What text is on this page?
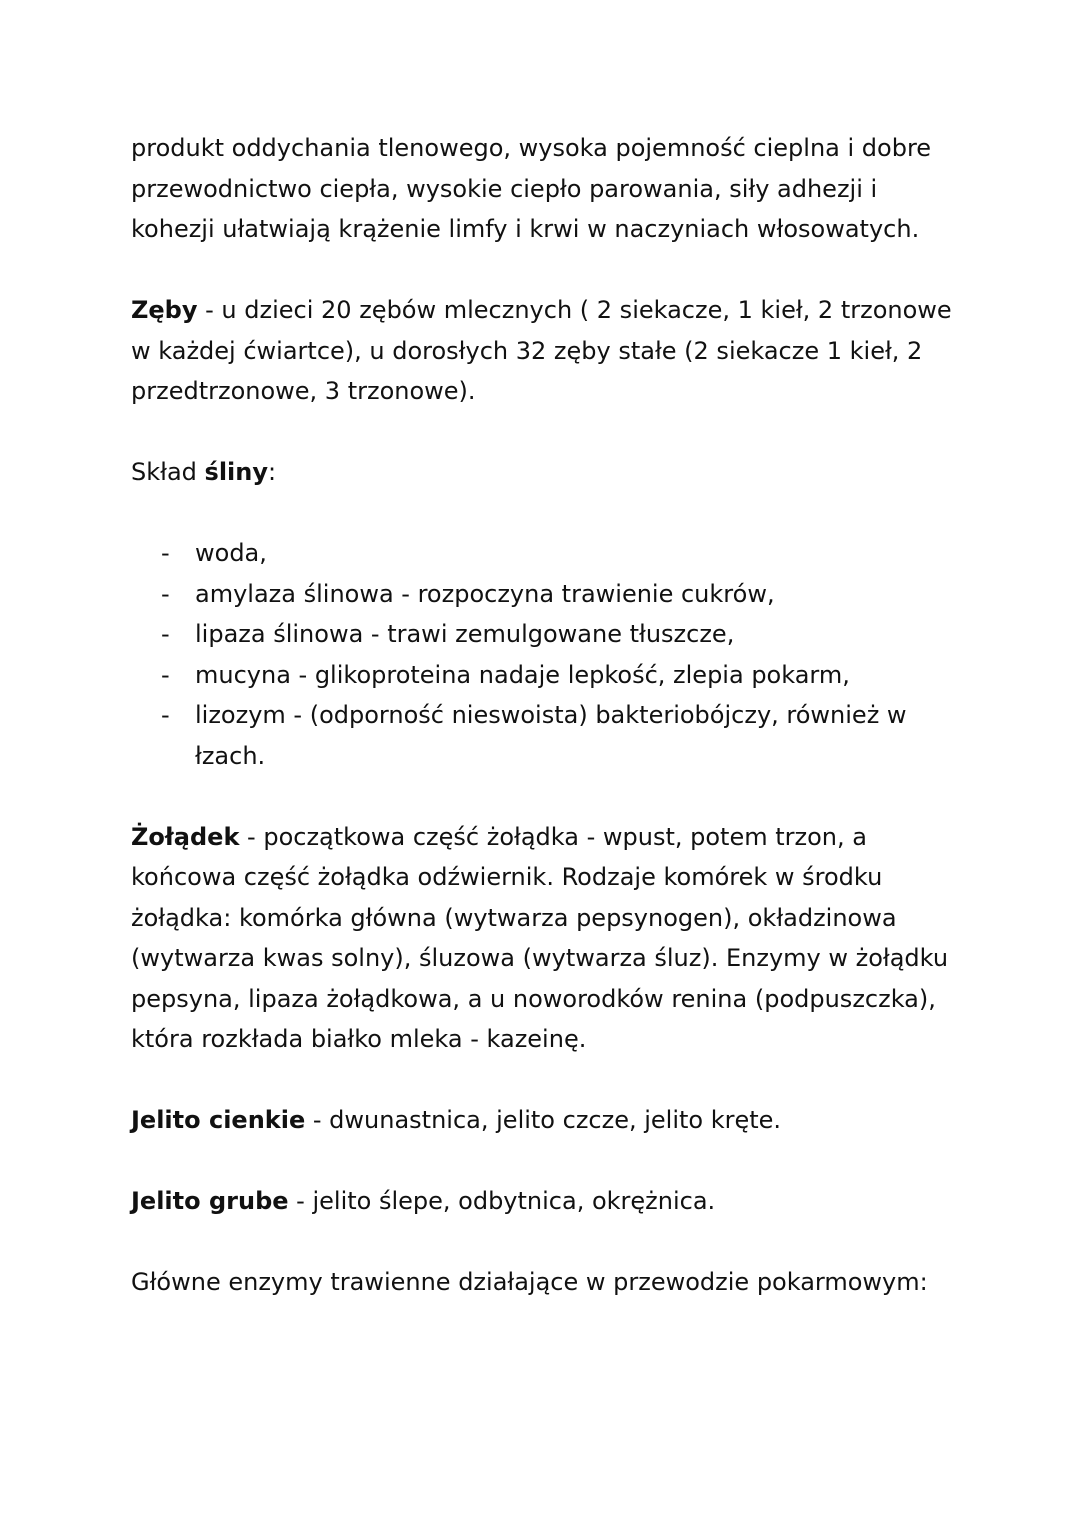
produkt oddychania tlenowego, wysoka pojemność cieplna i dobre przewodnictwo ciepła, wysokie ciepło parowania, siły adhezji i kohezji ułatwiają krążenie limfy i krwi w naczyniach włosowatych.

Zęby - u dzieci 20 zębów mlecznych ( 2 siekacze, 1 kieł, 2 trzonowe w każdej ćwiartce), u dorosłych 32 zęby stałe (2 siekacze 1 kieł, 2 przedtrzonowe, 3 trzonowe).

Skład śliny:

- woda,
- amylaza ślinowa - rozpoczyna trawienie cukrów,
- lipaza ślinowa - trawi zemulgowane tłuszcze,
- mucyna - glikoproteina nadaje lepkość, zlepia pokarm,
- lizozym - (odporność nieswoista) bakteriobójczy, również w łzach.

Żołądek - początkowa część żołądka - wpust, potem trzon, a końcowa część żołądka odźwiernik. Rodzaje komórek w środku żołądka: komórka główna (wytwarza pepsynogen), okładzinowa (wytwarza kwas solny), śluzowa (wytwarza śluz). Enzymy w żołądku pepsyna, lipaza żołądkowa, a u noworodków renina (podpuszczka), która rozkłada białko mleka - kazeinę.

Jelito cienkie - dwunastnica, jelito czcze, jelito kręte.

Jelito grube - jelito ślepe, odbytnica, okrężnica.

Główne enzymy trawienne działające w przewodzie pokarmowym:
